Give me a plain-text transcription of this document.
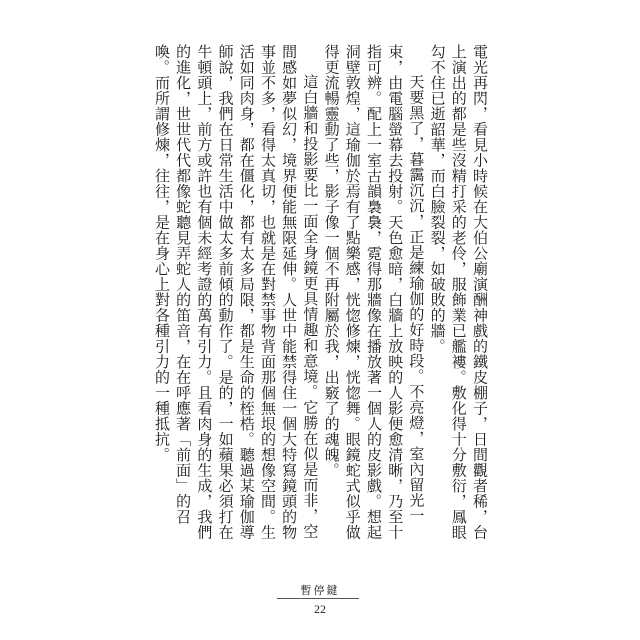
電光再閃，看見小時候在大伯公廟演酬神戲的鐵皮棚子，日間觀者稀，台上演出的都是些沒精打采的老伶，服飾業已艦褸。敷化得十分敷衍，鳳眼勾不住已逝韶華，而白臉裂裂，如破敗的牆。

天要黑了，暮靄沉沉，正是練瑜伽的好時段。不亮燈，室內留光一束，由電腦螢幕去投射。天色愈暗，白牆上放映的人影便愈清晰，乃至十指可辨。配上一室古韻裊裊，霓得那牆像在播放著一個人的皮影戲。想起洞壁敦煌，這瑜伽於焉有了點樂感，恍惚修煉，恍惚舞。眼鏡蛇式似乎做得更流暢靈動了些，影子像一個不再附屬於我，出竅了的魂魄。

這白牆和投影要比一面全身鏡更具情趣和意境。它勝在似是而非，空間感如夢似幻，境界便能無限延伸。人世中能禁得住一個大特寫鏡頭的物事並不多，看得太真切，也就是在對禁事物背面那個無垠的想像空間。生活如同肉身，都在僵化，都有太多局限，都是生命的桎梏。聽過某瑜伽導師說，我們在日常生活中做太多前傾的動作了。是的，一如蘋果必須打在牛頓頭上，前方或許也有個未經考證的萬有引力。且看肉身的生成，我們的進化，世世代代都像蛇聽見弄蛇人的笛音，在在呼應著「前面」的召喚。而所謂修煉，往往，是在身心上對各種引力的一種抵抗。

暫停鍵
22
